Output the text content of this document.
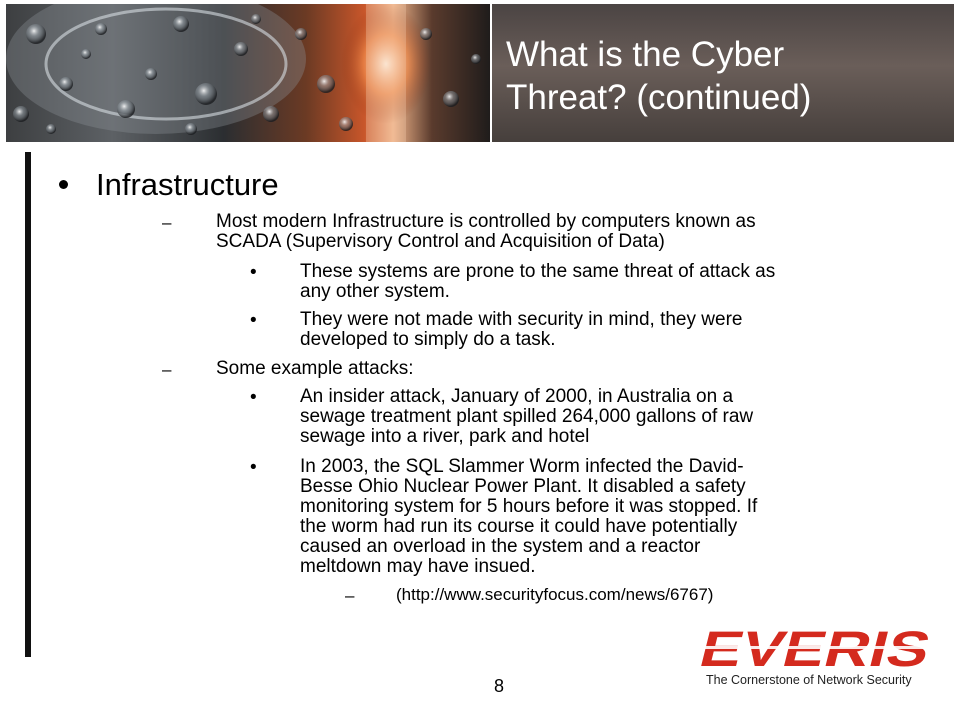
What is the Cyber
Threat? (continued)
Infrastructure
– Most modern Infrastructure is controlled by computers known as
SCADA (Supervisory Control and Acquisition of Data)
• These systems are prone to the same threat of attack as
any other system.
• They were not made with security in mind, they were
developed to simply do a task.
– Some example attacks:
• An insider attack, January of 2000, in Australia on a
sewage treatment plant spilled 264,000 gallons of raw
sewage into a river, park and hotel
• In 2003, the SQL Slammer Worm infected the David-
Besse Ohio Nuclear Power Plant. It disabled a safety
monitoring system for 5 hours before it was stopped. If
the worm had run its course it could have potentially
caused an overload in the system and a reactor
meltdown may have insued.
– (http://www.securityfocus.com/news/6767)
EVERIS
The Cornerstone of Network Security
8
